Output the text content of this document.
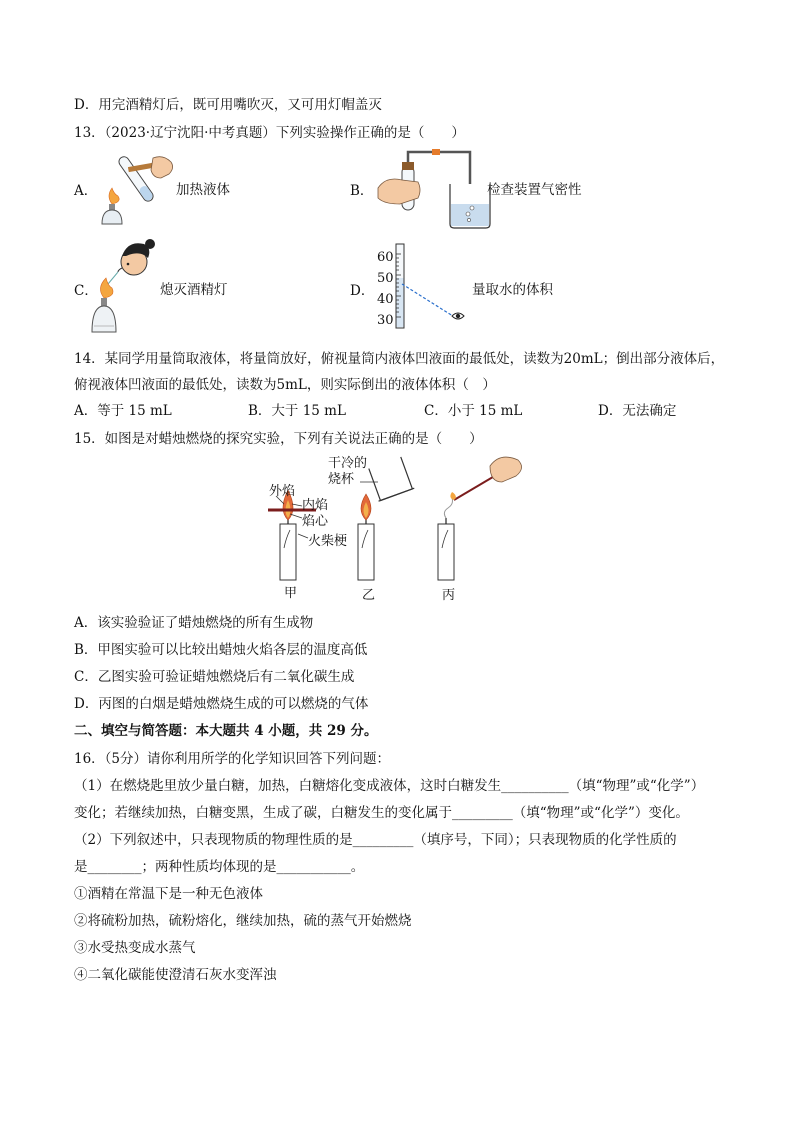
D．用完酒精灯后，既可用嘴吹灭，又可用灯帽盖灭
13．（2023·辽宁沈阳·中考真题）下列实验操作正确的是（　　）
A．	加热液体	B．	检查装置气密性
C．	熄灭酒精灯	D．
60
50
40
30
量取水的体积
14．某同学用量筒取液体，将量筒放好，俯视量筒内液体凹液面的最低处，读数为20mL；倒出部分液体后，
俯视液体凹液面的最低处，读数为5mL，则实际倒出的液体体积（　）
A．等于 15 mL	B．大于 15 mL	C．小于 15 mL	D．无法确定
15．如图是对蜡烛燃烧的探究实验，下列有关说法正确的是（　　）
外焰
内焰
焰心
火柴梗
干冷的
烧杯
甲	乙	丙
A．该实验验证了蜡烛燃烧的所有生成物
B．甲图实验可以比较出蜡烛火焰各层的温度高低
C．乙图实验可验证蜡烛燃烧后有二氧化碳生成
D．丙图的白烟是蜡烛燃烧生成的可以燃烧的气体
二、填空与简答题：本大题共 4 小题，共 29 分。
16．（5分）请你利用所学的化学知识回答下列问题：
（1）在燃烧匙里放少量白糖，加热，白糖熔化变成液体，这时白糖发生__________（填“物理”或“化学”）
变化；若继续加热，白糖变黑，生成了碳，白糖发生的变化属于_________（填“物理”或“化学”）变化。
（2）下列叙述中，只表现物质的物理性质的是_________（填序号，下同）；只表现物质的化学性质的
是________；两种性质均体现的是___________。
①酒精在常温下是一种无色液体
②将硫粉加热，硫粉熔化，继续加热，硫的蒸气开始燃烧
③水受热变成水蒸气
④二氧化碳能使澄清石灰水变浑浊
